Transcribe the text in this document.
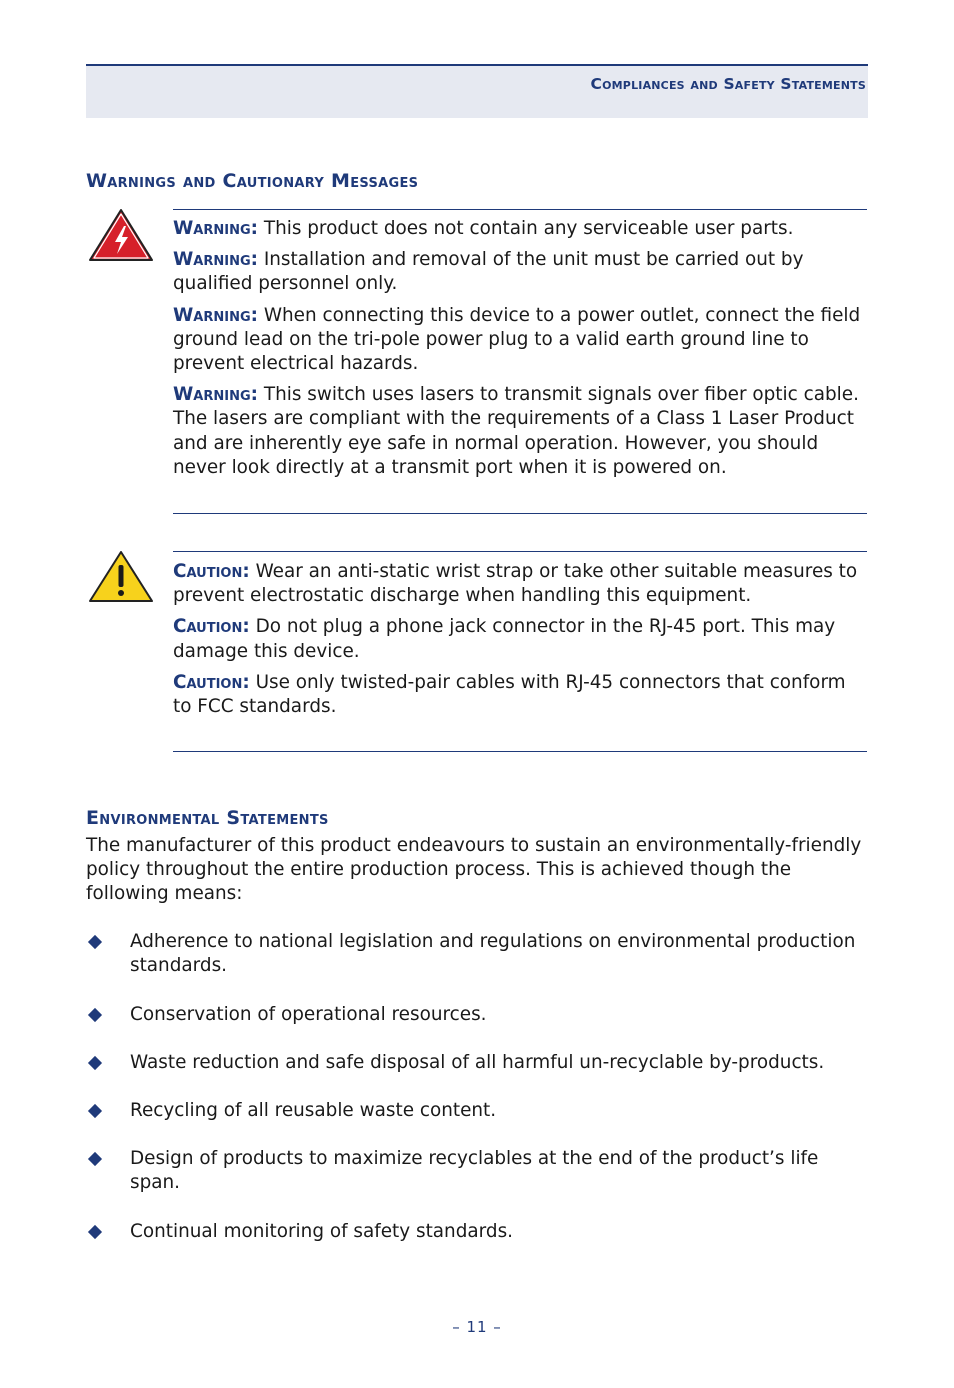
Compliances and Safety Statements
Warnings and Cautionary Messages

Warning: This product does not contain any serviceable user parts.

Warning: Installation and removal of the unit must be carried out by qualified personnel only.

Warning: When connecting this device to a power outlet, connect the field ground lead on the tri-pole power plug to a valid earth ground line to prevent electrical hazards.

Warning: This switch uses lasers to transmit signals over fiber optic cable. The lasers are compliant with the requirements of a Class 1 Laser Product and are inherently eye safe in normal operation. However, you should never look directly at a transmit port when it is powered on.

Caution: Wear an anti-static wrist strap or take other suitable measures to prevent electrostatic discharge when handling this equipment.

Caution: Do not plug a phone jack connector in the RJ-45 port. This may damage this device.

Caution: Use only twisted-pair cables with RJ-45 connectors that conform to FCC standards.

Environmental Statements

The manufacturer of this product endeavours to sustain an environmentally-friendly policy throughout the entire production process. This is achieved though the following means:

Adherence to national legislation and regulations on environmental production standards.
Conservation of operational resources.
Waste reduction and safe disposal of all harmful un-recyclable by-products.
Recycling of all reusable waste content.
Design of products to maximize recyclables at the end of the product’s life span.
Continual monitoring of safety standards.
– 11 –
